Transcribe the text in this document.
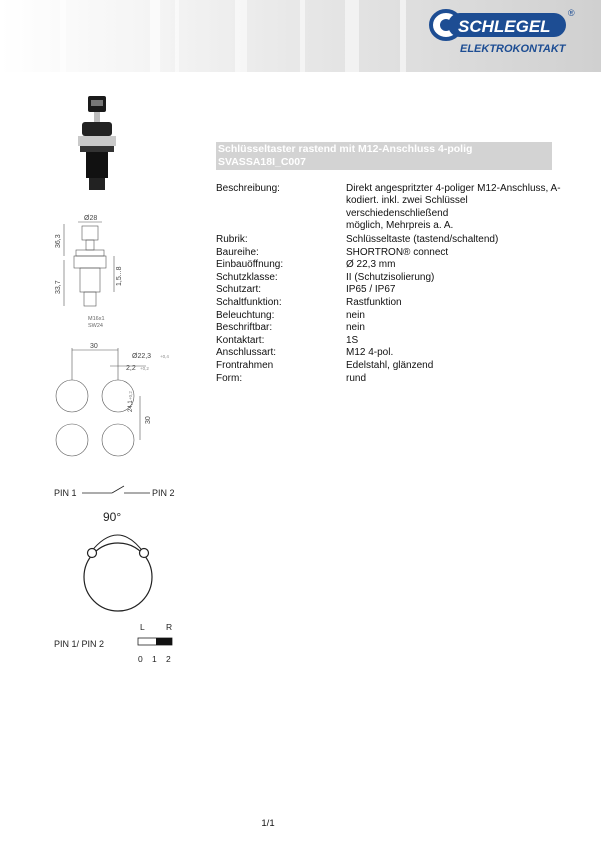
SCHLEGEL
®
ELEKTROKONTAKT
Ø28
36,3
33,7
1,5...8
M16x1
SW24
30
Ø22,3 +0,4
2,2 +0,2
24,1
+0,2
30
PIN 1	PIN 2
90°
L	R
PIN 1/ PIN 2
0 1 2
Schlüsseltaster rastend mit M12-Anschluss 4-polig
SVASSA18I_C007
Beschreibung:	Direkt angespritzter 4-poliger M12-Anschluss, A-
kodiert. inkl. zwei Schlüssel verschiedenschließend
möglich, Mehrpreis a. A.
Rubrik:	Schlüsseltaste (tastend/schaltend)
Baureihe:	SHORTRON® connect
Einbauöffnung:	Ø 22,3 mm
Schutzklasse:	II (Schutzisolierung)
Schutzart:	IP65 / IP67
Schaltfunktion:	Rastfunktion
Beleuchtung:	nein
Beschriftbar:	nein
Kontaktart:	1S
Anschlussart:	M12 4-pol.
Frontrahmen	Edelstahl, glänzend
Form:	rund
1/1
